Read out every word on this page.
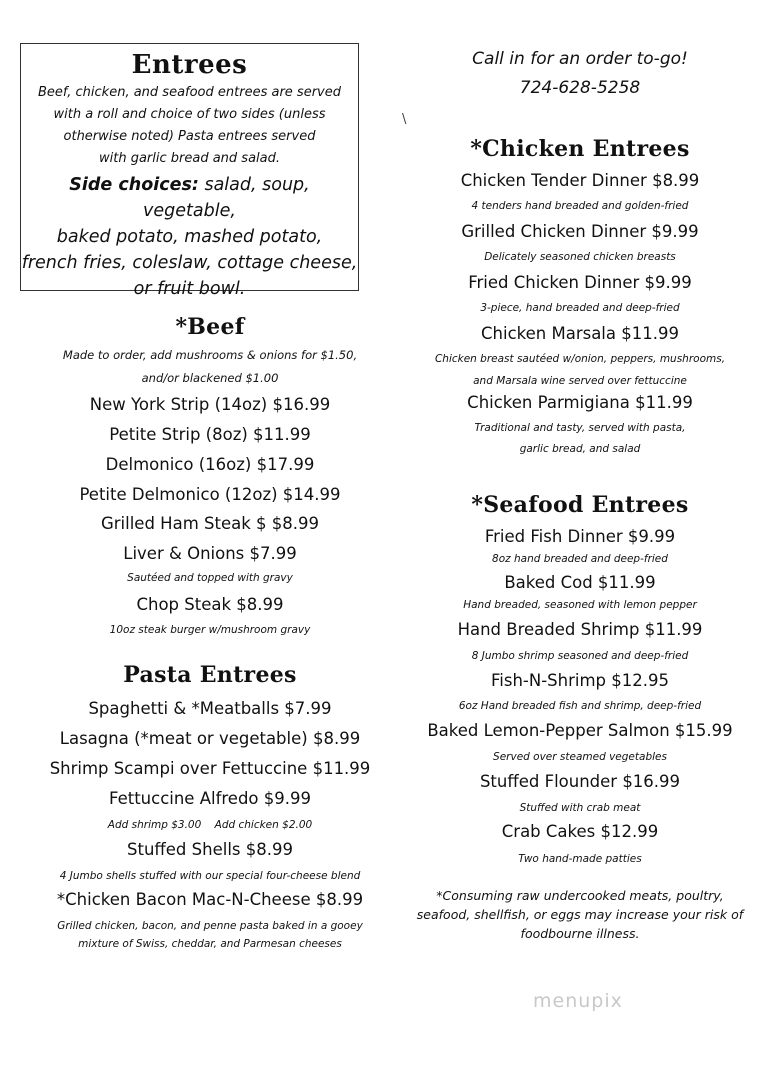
Entrees
Beef, chicken, and seafood entrees are served
with a roll and choice of two sides (unless
otherwise noted) Pasta entrees served
with garlic bread and salad.
Side choices: salad, soup, vegetable,
baked potato, mashed potato,
french fries, coleslaw, cottage cheese,
or fruit bowl.
*Beef
Made to order, add mushrooms & onions for $1.50,
and/or blackened $1.00
New York Strip (14oz) $16.99
Petite Strip (8oz) $11.99
Delmonico (16oz) $17.99
Petite Delmonico (12oz) $14.99
Grilled Ham Steak $ $8.99
Liver & Onions $7.99
Sautéed and topped with gravy
Chop Steak $8.99
10oz steak burger w/mushroom gravy
Pasta Entrees
Spaghetti & *Meatballs $7.99
Lasagna (*meat or vegetable) $8.99
Shrimp Scampi over Fettuccine $11.99
Fettuccine Alfredo $9.99
Add shrimp $3.00    Add chicken $2.00
Stuffed Shells $8.99
4 Jumbo shells stuffed with our special four-cheese blend
*Chicken Bacon Mac-N-Cheese $8.99
Grilled chicken, bacon, and penne pasta baked in a gooey
mixture of Swiss, cheddar, and Parmesan cheeses
Call in for an order to-go!
724-628-5258
*Chicken Entrees
Chicken Tender Dinner $8.99
4 tenders hand breaded and golden-fried
Grilled Chicken Dinner $9.99
Delicately seasoned chicken breasts
Fried Chicken Dinner $9.99
3-piece, hand breaded and deep-fried
Chicken Marsala $11.99
Chicken breast sautéed w/onion, peppers, mushrooms,
and Marsala wine served over fettuccine
Chicken Parmigiana $11.99
Traditional and tasty, served with pasta,
garlic bread, and salad
*Seafood Entrees
Fried Fish Dinner $9.99
8oz hand breaded and deep-fried
Baked Cod $11.99
Hand breaded, seasoned with lemon pepper
Hand Breaded Shrimp $11.99
8 Jumbo shrimp seasoned and deep-fried
Fish-N-Shrimp $12.95
6oz Hand breaded fish and shrimp, deep-fried
Baked Lemon-Pepper Salmon $15.99
Served over steamed vegetables
Stuffed Flounder $16.99
Stuffed with crab meat
Crab Cakes $12.99
Two hand-made patties
*Consuming raw undercooked meats, poultry,
seafood, shellfish, or eggs may increase your risk of
foodbourne illness.
\
menupix
